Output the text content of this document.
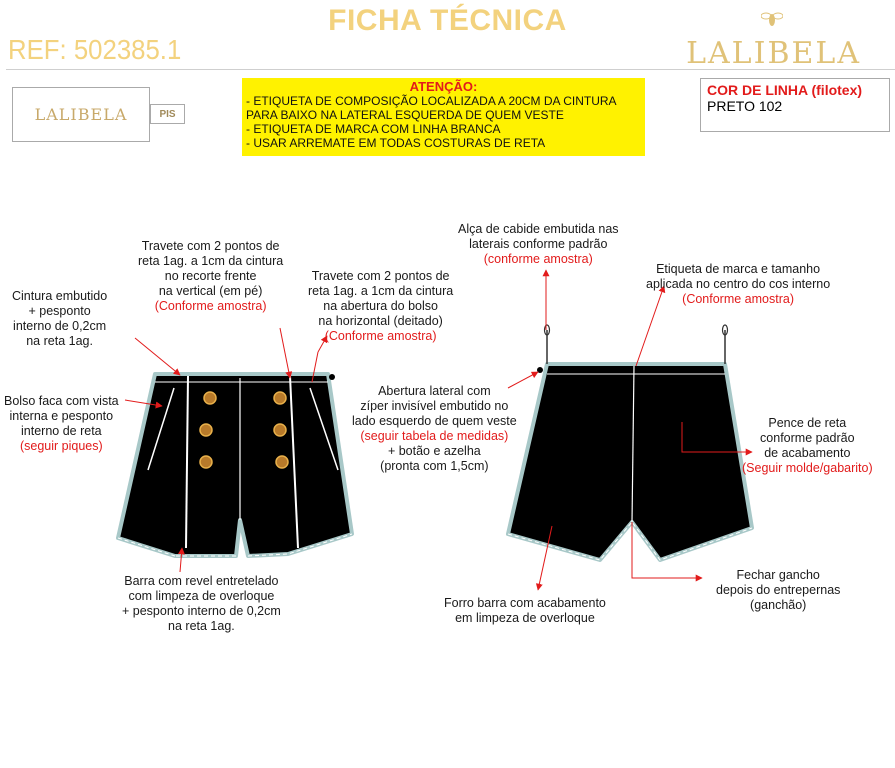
FICHA TÉCNICA
REF: 502385.1	LALIBELA
LALIBELA	PIS
ATENÇÃO:
- ETIQUETA DE COMPOSIÇÃO LOCALIZADA A 20CM DA CINTURA
PARA BAIXO NA LATERAL ESQUERDA DE QUEM VESTE
- ETIQUETA DE MARCA COM LINHA BRANCA
- USAR ARREMATE EM TODAS COSTURAS DE RETA
COR DE LINHA (filotex)
PRETO 102
Cintura embutido
+ pesponto
interno de 0,2cm
na reta 1ag.
Bolso faca com vista
interna e pesponto
interno de reta
(seguir piques)
Travete com 2 pontos de
reta 1ag. a 1cm da cintura
no recorte frente
na vertical (em pé)
(Conforme amostra)
Travete com 2 pontos de
reta 1ag. a 1cm da cintura
na abertura do bolso
na horizontal (deitado)
(Conforme amostra)
Barra com revel entretelado
com limpeza de overloque
+ pesponto interno de 0,2cm
na reta 1ag.
Alça de cabide embutida nas
laterais conforme padrão
(conforme amostra)
Etiqueta de marca e tamanho
aplicada no centro do cos interno
(Conforme amostra)
Abertura lateral com
zíper invisível embutido no
lado esquerdo de quem veste
(seguir tabela de medidas)
+ botão e azelha
(pronta com 1,5cm)
Pence de reta
conforme padrão
de acabamento
(Seguir molde/gabarito)
Fechar gancho
depois do entrepernas
(ganchão)
Forro barra com acabamento
em limpeza de overloque
